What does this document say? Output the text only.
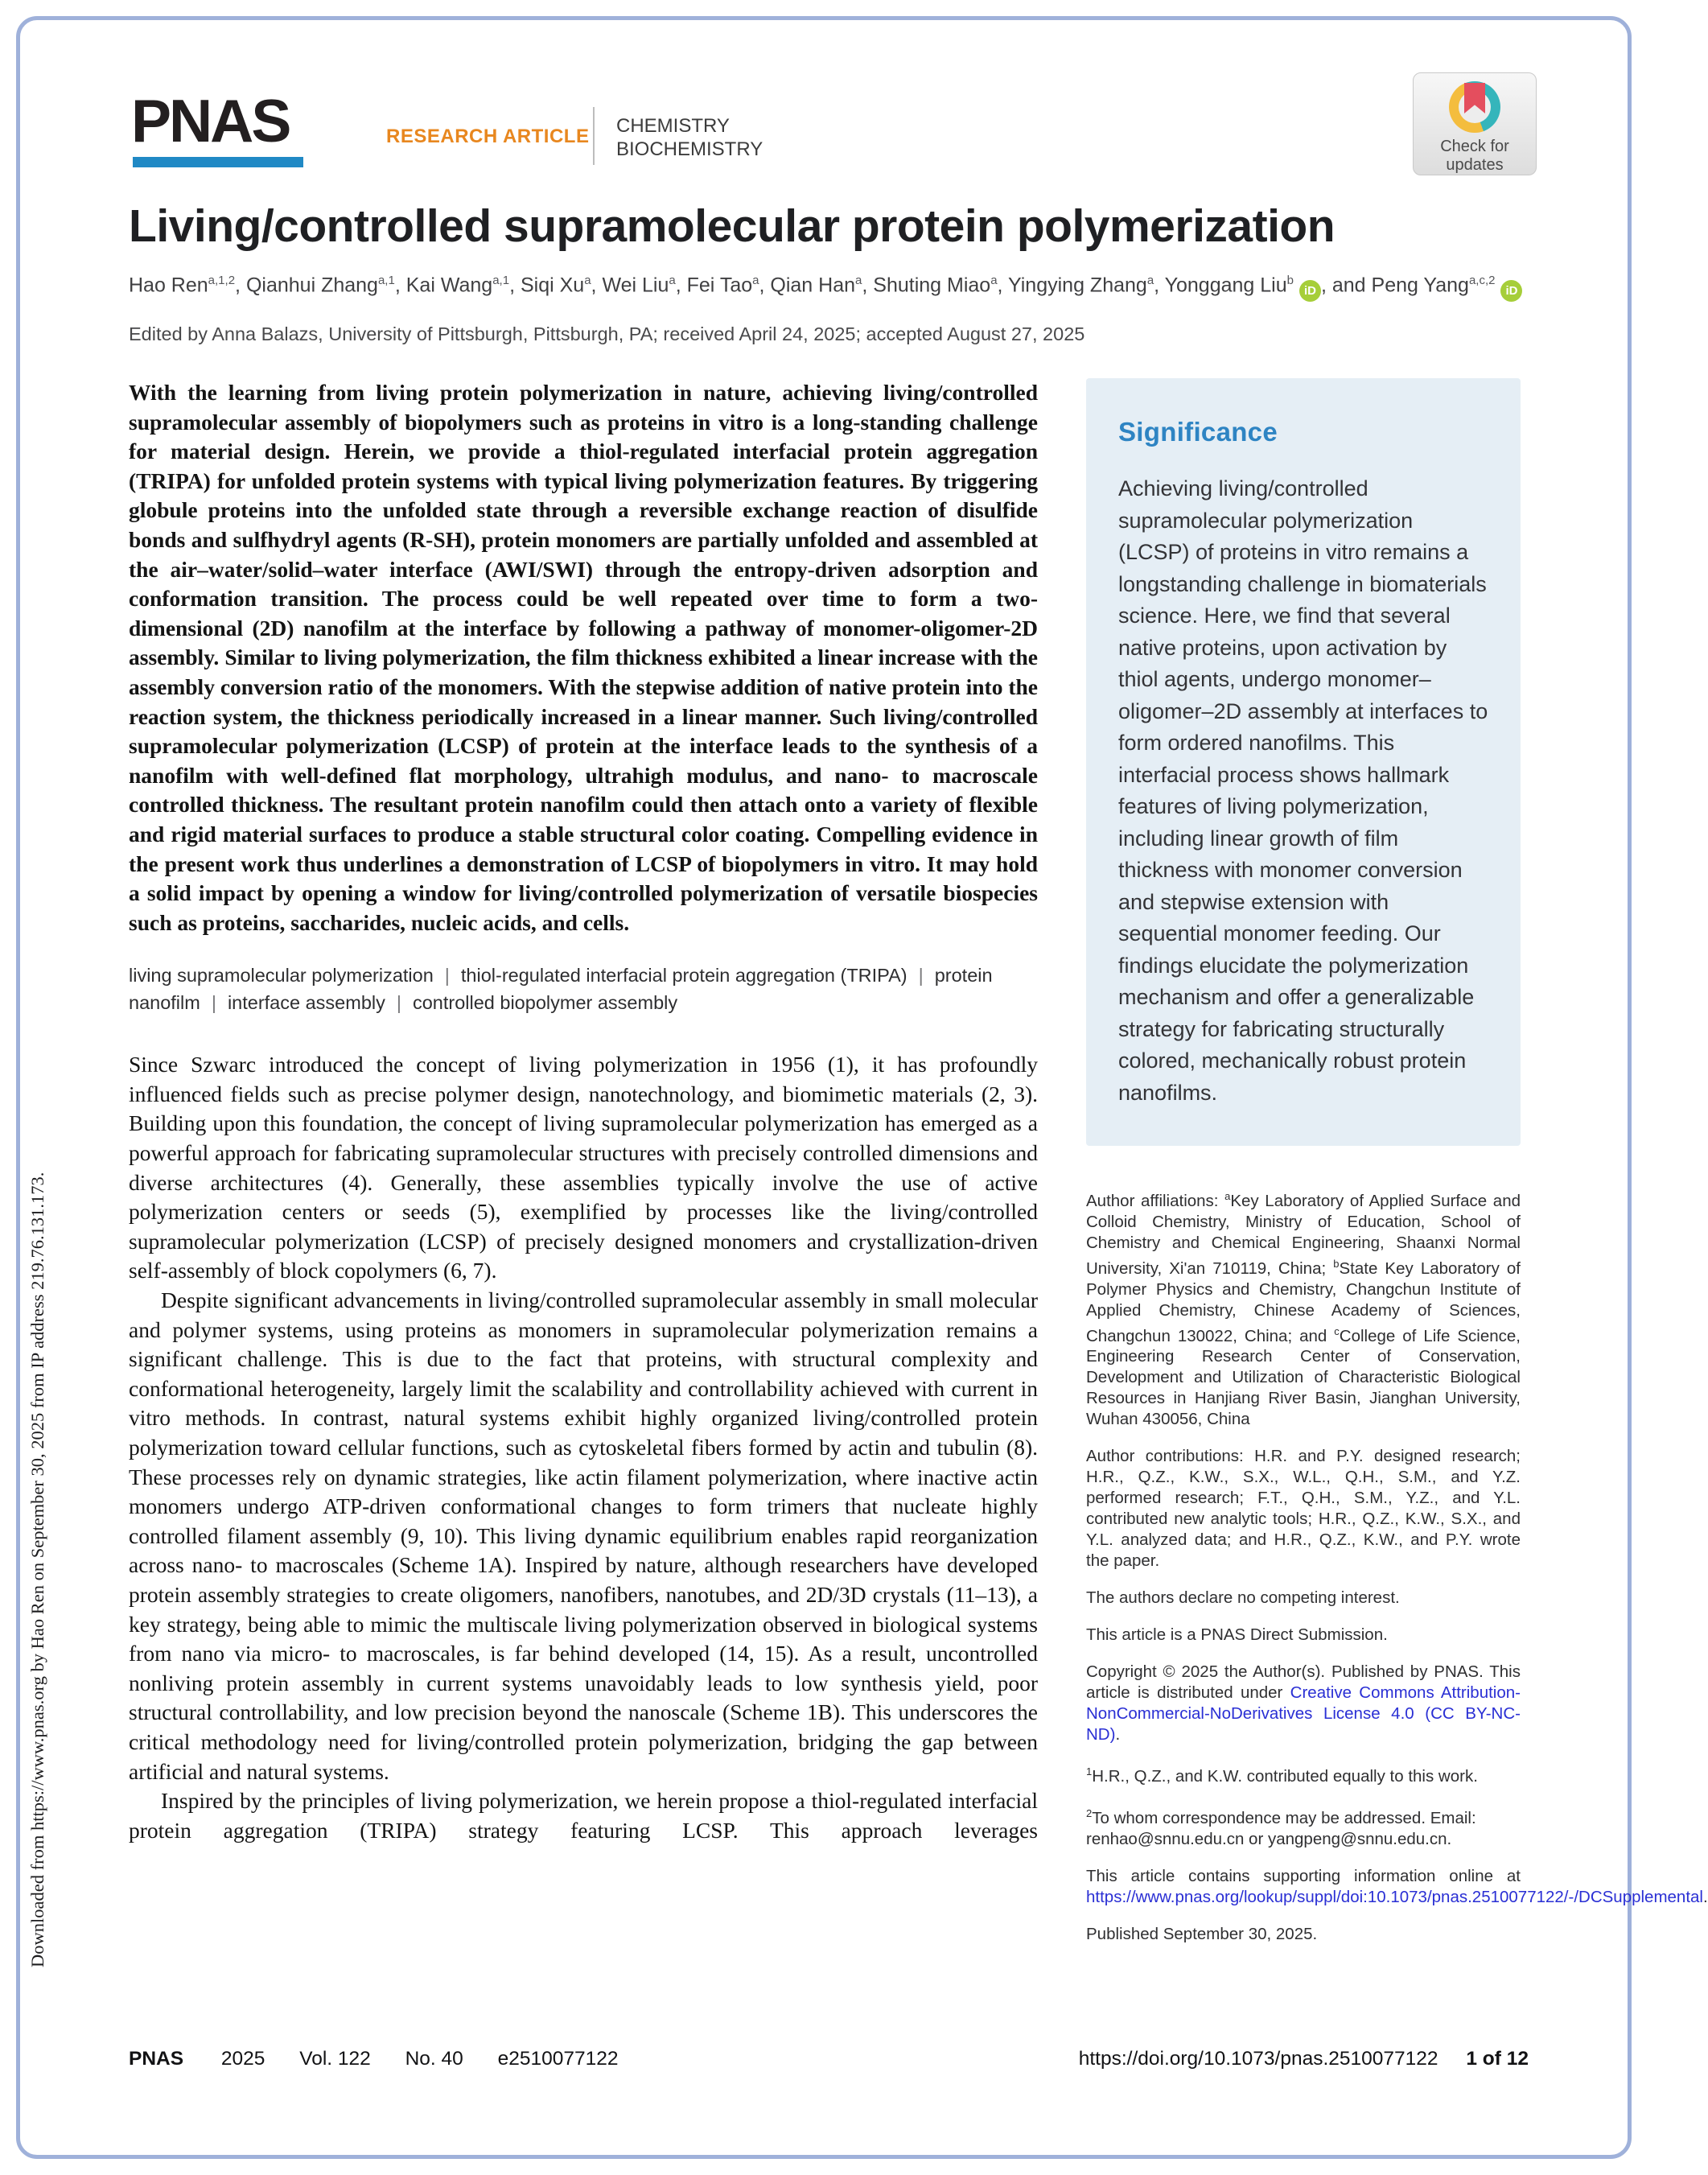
Downloaded from https://www.pnas.org by Hao Ren on September 30, 2025 from IP address 219.76.131.173.
PNAS	RESEARCH ARTICLE CHEMISTRY
BIOCHEMISTRY	Check for
updates
Living/controlled supramolecular protein polymerization
Hao Ren$^{a,1,2}$, Qianhui Zhang$^{a,1}$, Kai Wang$^{a,1}$, Siqi Xu$^a$, Wei Liu$^a$, Fei Tao$^a$, Qian Han$^a$, Shuting Miao$^a$, Yingying Zhang$^a$, Yonggang Liu$^b$iD , and Peng Yang$^{a,c,2}$iD
Edited by Anna Balazs, University of Pittsburgh, Pittsburgh, PA; received April 24, 2025; accepted August 27, 2025
With the learning from living protein polymerization in nature, achieving living/controlled supramolecular assembly of biopolymers such as proteins in vitro is a long-standing challenge for material design. Herein, we provide a thiol-regulated interfacial protein aggregation (TRIPA) for unfolded protein systems with typical living polymerization features. By triggering globule proteins into the unfolded state through a reversible exchange reaction of disulfide bonds and sulfhydryl agents (R-SH), protein monomers are partially unfolded and assembled at the air–water/solid–water interface (AWI/SWI) through the entropy-driven adsorption and conformation transition. The process could be well repeated over time to form a two-dimensional (2D) nanofilm at the interface by following a pathway of monomer-oligomer-2D assembly. Similar to living polymerization, the film thickness exhibited a linear increase with the assembly conversion ratio of the monomers. With the stepwise addition of native protein into the reaction system, the thickness periodically increased in a linear manner. Such living/controlled supramolecular polymerization (LCSP) of protein at the interface leads to the synthesis of a nanofilm with well-defined flat morphology, ultrahigh modulus, and nano- to macroscale controlled thickness. The resultant protein nanofilm could then attach onto a variety of flexible and rigid material surfaces to produce a stable structural color coating. Compelling evidence in the present work thus underlines a demonstration of LCSP of biopolymers in vitro. It may hold a solid impact by opening a window for living/controlled polymerization of versatile biospecies such as proteins, saccharides, nucleic acids, and cells.
living supramolecular polymerization | thiol-regulated interfacial protein aggregation (TRIPA) | protein nanofilm | interface assembly | controlled biopolymer assembly

Since Szwarc introduced the concept of living polymerization in 1956 (1), it has profoundly influenced fields such as precise polymer design, nanotechnology, and biomimetic materials (2, 3). Building upon this foundation, the concept of living supramolecular polymerization has emerged as a powerful approach for fabricating supramolecular structures with precisely controlled dimensions and diverse architectures (4). Generally, these assemblies typically involve the use of active polymerization centers or seeds (5), exemplified by processes like the living/controlled supramolecular polymerization (LCSP) of precisely designed monomers and crystallization-driven self-assembly of block copolymers (6, 7).

Despite significant advancements in living/controlled supramolecular assembly in small molecular and polymer systems, using proteins as monomers in supramolecular polymerization remains a significant challenge. This is due to the fact that proteins, with structural complexity and conformational heterogeneity, largely limit the scalability and controllability achieved with current in vitro methods. In contrast, natural systems exhibit highly organized living/controlled protein polymerization toward cellular functions, such as cytoskeletal fibers formed by actin and tubulin (8). These processes rely on dynamic strategies, like actin filament polymerization, where inactive actin monomers undergo ATP-driven conformational changes to form trimers that nucleate highly controlled filament assembly (9, 10). This living dynamic equilibrium enables rapid reorganization across nano- to macroscales (Scheme 1A). Inspired by nature, although researchers have developed protein assembly strategies to create oligomers, nanofibers, nanotubes, and 2D/3D crystals (11–13), a key strategy, being able to mimic the multiscale living polymerization observed in biological systems from nano via micro- to macroscales, is far behind developed (14, 15). As a result, uncontrolled nonliving protein assembly in current systems unavoidably leads to low synthesis yield, poor structural controllability, and low precision beyond the nanoscale (Scheme 1B). This underscores the critical methodology need for living/controlled protein polymerization, bridging the gap between artificial and natural systems.

Inspired by the principles of living polymerization, we herein propose a thiol-regulated interfacial protein aggregation (TRIPA) strategy featuring LCSP. This approach leverages

Significance
Achieving living/controlled supramolecular polymerization (LCSP) of proteins in vitro remains a longstanding challenge in biomaterials science. Here, we find that several native proteins, upon activation by thiol agents, undergo monomer–oligomer–2D assembly at interfaces to form ordered nanofilms. This interfacial process shows hallmark features of living polymerization, including linear growth of film thickness with monomer conversion and stepwise extension with sequential monomer feeding. Our findings elucidate the polymerization mechanism and offer a generalizable strategy for fabricating structurally colored, mechanically robust protein nanofilms.
Author affiliations: $^a$Key Laboratory of Applied Surface and Colloid Chemistry, Ministry of Education, School of Chemistry and Chemical Engineering, Shaanxi Normal University, Xi'an 710119, China; $^b$State Key Laboratory of Polymer Physics and Chemistry, Changchun Institute of Applied Chemistry, Chinese Academy of Sciences, Changchun 130022, China; and $^c$College of Life Science, Engineering Research Center of Conservation, Development and Utilization of Characteristic Biological Resources in Hanjiang River Basin, Jianghan University, Wuhan 430056, China
Author contributions: H.R. and P.Y. designed research; H.R., Q.Z., K.W., S.X., W.L., Q.H., S.M., and Y.Z. performed research; F.T., Q.H., S.M., Y.Z., and Y.L. contributed new analytic tools; H.R., Q.Z., K.W., S.X., and Y.L. analyzed data; and H.R., Q.Z., K.W., and P.Y. wrote the paper.
The authors declare no competing interest.
This article is a PNAS Direct Submission.
Copyright © 2025 the Author(s). Published by PNAS. This article is distributed under Creative Commons Attribution-NonCommercial-NoDerivatives License 4.0 (CC BY-NC-ND).
$^1$H.R., Q.Z., and K.W. contributed equally to this work.
$^2$To whom correspondence may be addressed. Email: renhao@snnu.edu.cn or yangpeng@snnu.edu.cn.
This article contains supporting information online at https://www.pnas.org/lookup/suppl/doi:10.1073/pnas.2510077122/-/DCSupplemental.
Published September 30, 2025.
PNAS 2025 Vol. 122 No. 40 e2510077122	https://doi.org/10.1073/pnas.2510077122 1 of 12
